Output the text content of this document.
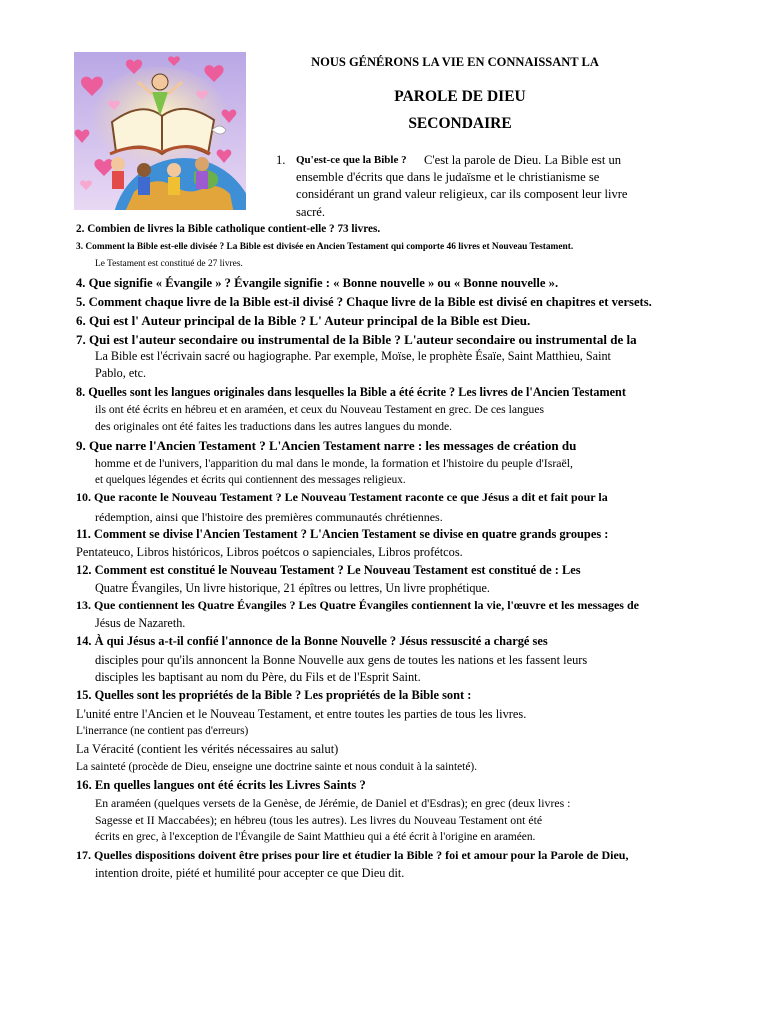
NOUS GÉNÉRONS LA VIE EN CONNAISSANT LA
PAROLE DE DIEU
SECONDAIRE
1. Qu'est-ce que la Bible ? C'est la parole de Dieu. La Bible est un
ensemble d'écrits que dans le judaïsme et le christianisme se
considérant un grand valeur religieux, car ils composent leur livre
sacré.
2. Combien de livres la Bible catholique contient-elle ? 73 livres.
3. Comment la Bible est-elle divisée ? La Bible est divisée en Ancien Testament qui comporte 46 livres et Nouveau Testament.
Le Testament est constitué de 27 livres.
4. Que signifie « Évangile » ? Évangile signifie : « Bonne nouvelle » ou « Bonne nouvelle ».
5. Comment chaque livre de la Bible est-il divisé ? Chaque livre de la Bible est divisé en chapitres et versets.
6. Qui est l' Auteur principal de la Bible ? L' Auteur principal de la Bible est Dieu.
7. Qui est l'auteur secondaire ou instrumental de la Bible ? L'auteur secondaire ou instrumental de la
La Bible est l'écrivain sacré ou hagiographe. Par exemple, Moïse, le prophète Ésaïe, Saint Matthieu, Saint
Pablo, etc.
8. Quelles sont les langues originales dans lesquelles la Bible a été écrite ? Les livres de l'Ancien Testament
ils ont été écrits en hébreu et en araméen, et ceux du Nouveau Testament en grec. De ces langues
des originales ont été faites les traductions dans les autres langues du monde.
9. Que narre l'Ancien Testament ? L'Ancien Testament narre : les messages de création du
homme et de l'univers, l'apparition du mal dans le monde, la formation et l'histoire du peuple d'Israël,
et quelques légendes et écrits qui contiennent des messages religieux.
10. Que raconte le Nouveau Testament ? Le Nouveau Testament raconte ce que Jésus a dit et fait pour la
rédemption, ainsi que l'histoire des premières communautés chrétiennes.
11. Comment se divise l'Ancien Testament ? L'Ancien Testament se divise en quatre grands groupes :
Pentateuco, Libros históricos, Libros poétcos o sapienciales, Libros profétcos.
12. Comment est constitué le Nouveau Testament ? Le Nouveau Testament est constitué de : Les
Quatre Évangiles, Un livre historique, 21 épîtres ou lettres, Un livre prophétique.
13. Que contiennent les Quatre Évangiles ? Les Quatre Évangiles contiennent la vie, l'œuvre et les messages de
Jésus de Nazareth.
14. À qui Jésus a-t-il confié l'annonce de la Bonne Nouvelle ? Jésus ressuscité a chargé ses
disciples pour qu'ils annoncent la Bonne Nouvelle aux gens de toutes les nations et les fassent leurs
disciples les baptisant au nom du Père, du Fils et de l'Esprit Saint.
15. Quelles sont les propriétés de la Bible ? Les propriétés de la Bible sont :
L'unité entre l'Ancien et le Nouveau Testament, et entre toutes les parties de tous les livres.
L'inerrance (ne contient pas d'erreurs)
La Véracité (contient les vérités nécessaires au salut)
La sainteté (procède de Dieu, enseigne une doctrine sainte et nous conduit à la sainteté).
16. En quelles langues ont été écrits les Livres Saints ?
En araméen (quelques versets de la Genèse, de Jérémie, de Daniel et d'Esdras); en grec (deux livres :
Sagesse et II Maccabées); en hébreu (tous les autres). Les livres du Nouveau Testament ont été
écrits en grec, à l'exception de l'Évangile de Saint Matthieu qui a été écrit à l'origine en araméen.
17. Quelles dispositions doivent être prises pour lire et étudier la Bible ? foi et amour pour la Parole de Dieu,
intention droite, piété et humilité pour accepter ce que Dieu dit.
